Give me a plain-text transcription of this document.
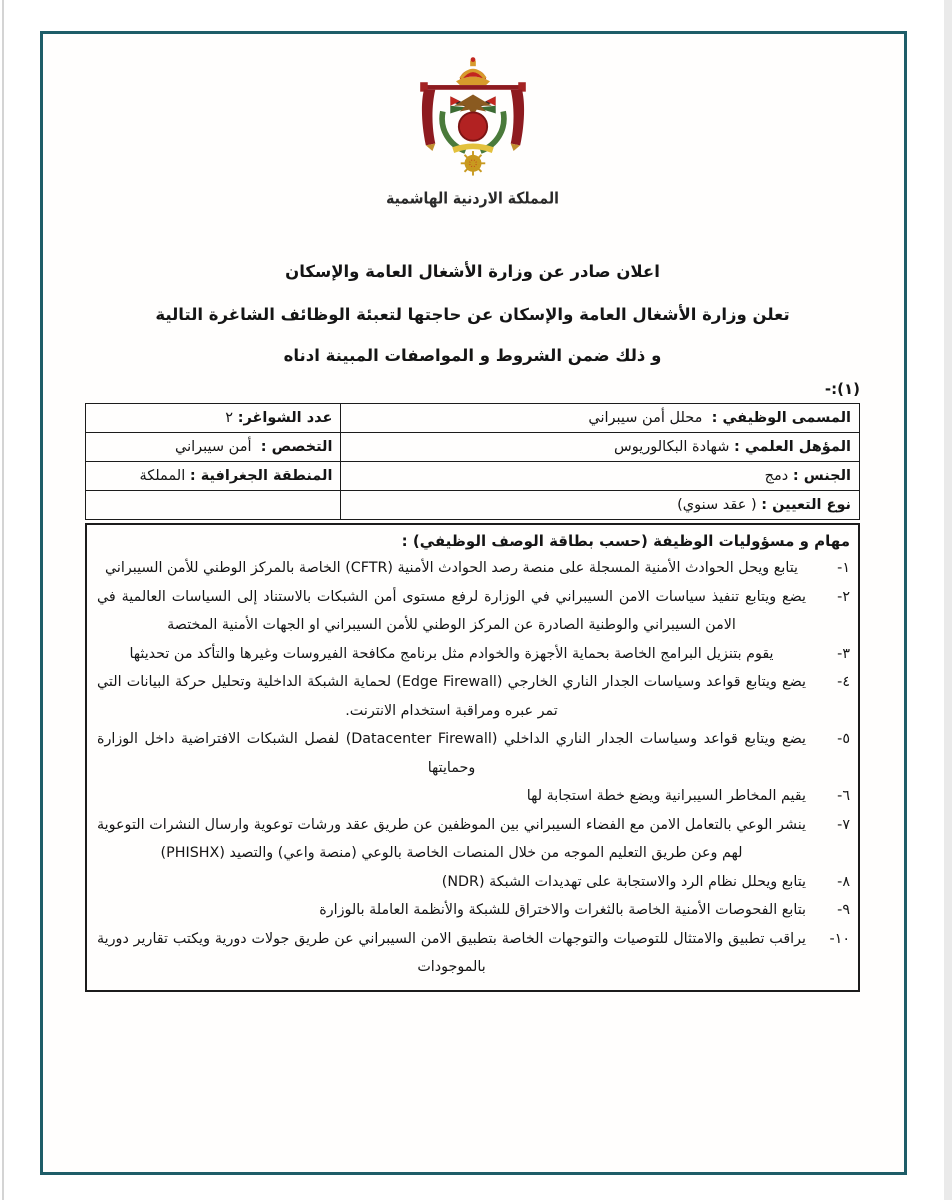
المملكة الاردنية الهاشمية
اعلان صادر عن وزارة الأشغال العامة والإسكان
تعلن وزارة الأشغال العامة والإسكان عن حاجتها لتعبئة الوظائف الشاغرة التالية
و ذلك ضمن الشروط و المواصفات المبينة ادناه
(١):-
المسمى الوظيفي :  محلل أمن سيبراني	عدد الشواغر: ٢
المؤهل العلمي : شهادة البكالوريوس	التخصص :  أمن سيبراني
الجنس : دمج	المنطقة الجغرافية : المملكة
نوع التعيين : ( عقد سنوي)	
مهام و مسؤوليات الوظيفة (حسب بطاقة الوصف الوظيفي) :
١-
يتابع ويحل الحوادث الأمنية المسجلة على منصة رصد الحوادث الأمنية (CFTR) الخاصة بالمركز الوطني للأمن السيبراني
٢-
يضع ويتابع تنفيذ سياسات الامن السيبراني في الوزارة لرفع مستوى أمن الشبكات بالاستناد إلى السياسات العالمية في الامن السيبراني والوطنية الصادرة عن المركز الوطني للأمن السيبراني او الجهات الأمنية المختصة
٣-
يقوم بتنزيل البرامج الخاصة بحماية الأجهزة والخوادم مثل برنامج مكافحة الفيروسات وغيرها والتأكد من تحديثها
٤-
يضع ويتابع قواعد وسياسات الجدار الناري الخارجي (Edge Firewall) لحماية الشبكة الداخلية وتحليل حركة البيانات التي تمر عبره ومراقبة استخدام الانترنت.
٥-
يضع ويتابع قواعد وسياسات الجدار الناري الداخلي (Datacenter Firewall) لفصل الشبكات الافتراضية داخل الوزارة وحمايتها
٦-
يقيم المخاطر السيبرانية ويضع خطة استجابة لها
٧-
ينشر الوعي بالتعامل الامن مع الفضاء السيبراني بين الموظفين عن طريق عقد ورشات توعوية وارسال النشرات التوعوية لهم وعن طريق التعليم الموجه من خلال المنصات الخاصة بالوعي (منصة واعي) والتصيد (PHISHX)
٨-
يتابع ويحلل نظام الرد والاستجابة على تهديدات الشبكة (NDR)
٩-
بتابع الفحوصات الأمنية الخاصة بالثغرات والاختراق للشبكة والأنظمة العاملة بالوزارة
١٠-
يراقب تطبيق والامتثال للتوصيات والتوجهات الخاصة بتطبيق الامن السيبراني عن طريق جولات دورية ويكتب تقارير دورية بالموجودات
